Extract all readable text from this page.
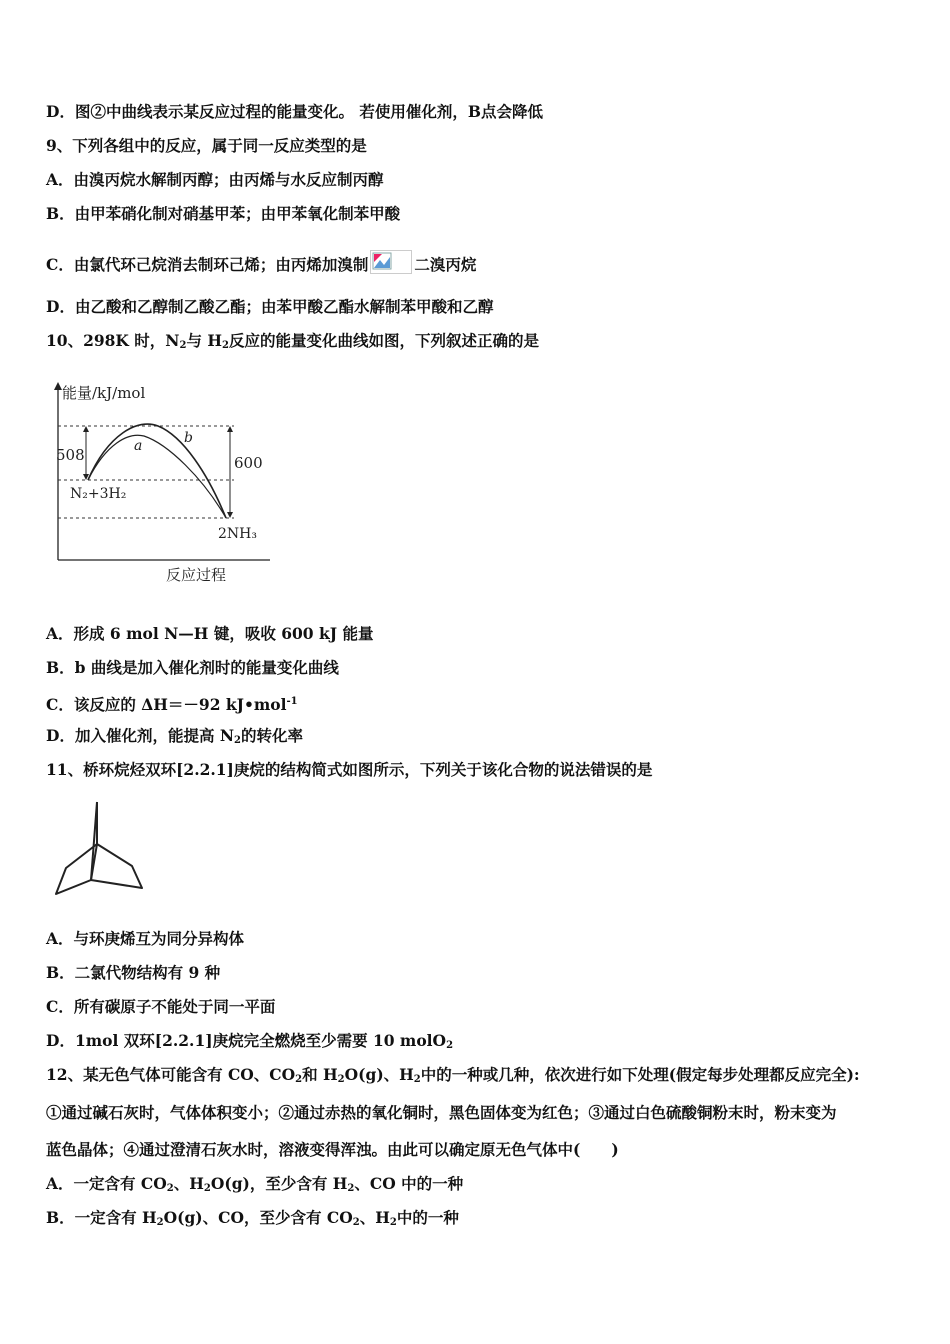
D．图②中曲线表示某反应过程的能量变化。 若使用催化剂，B点会降低
9、下列各组中的反应，属于同一反应类型的是
A．由溴丙烷水解制丙醇；由丙烯与水反应制丙醇
B．由甲苯硝化制对硝基甲苯；由甲苯氧化制苯甲酸
C．由氯代环己烷消去制环己烯；由丙烯加溴制	二溴丙烷
D．由乙酸和乙醇制乙酸乙酯；由苯甲酸乙酯水解制苯甲酸和乙醇
10、298K 时，$N_2$与 $H_2$反应的能量变化曲线如图，下列叙述正确的是
能量/kJ/mol
反应过程
a	b
508	600
N₂+3H₂
2NH₃
A．形成 6 mol N—H 键，吸收 600 kJ 能量
B．b 曲线是加入催化剂时的能量变化曲线
C．该反应的 ΔH＝－92 kJ•mol$^{-1}$
D．加入催化剂，能提高 $N_2$的转化率
11、桥环烷烃双环[2.2.1]庚烷的结构简式如图所示，下列关于该化合物的说法错误的是
A．与环庚烯互为同分异构体
B．二氯代物结构有 9 种
C．所有碳原子不能处于同一平面
D．1mol 双环[2.2.1]庚烷完全燃烧至少需要 10 molO$_2$
12、某无色气体可能含有 CO、$CO_2$和 $H_2O(g)$、$H_2$中的一种或几种，依次进行如下处理(假定每步处理都反应完全):
①通过碱石灰时，气体体积变小；②通过赤热的氧化铜时，黑色固体变为红色；③通过白色硫酸铜粉末时，粉末变为
蓝色晶体；④通过澄清石灰水时，溶液变得浑浊。由此可以确定原无色气体中(　　)
A．一定含有 $CO_2$、$H_2O(g)$，至少含有 $H_2$、CO 中的一种
B．一定含有 $H_2O(g)$、CO，至少含有 $CO_2$、$H_2$中的一种
